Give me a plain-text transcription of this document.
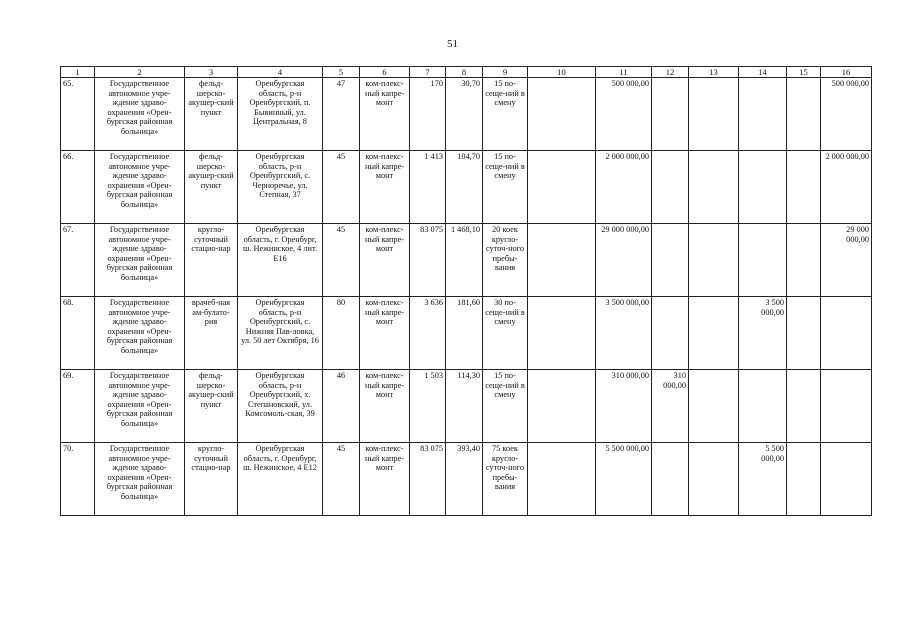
51
1	2	3	4	5	6	7	8	9	10	11	12	13	14	15	16
65.	Государственное автономное учре-ждение здраво-охранения «Орен-бургская районная больница»	фельд-шерско-акушер-ский пункт	Оренбургская область, р-н Оренбургский, п. Бывинный, ул. Центральная, 8	47	ком-плекс-ный капре-монт	170	30,70	15 по-сеще-ний в смену		500 000,00					500 000,00
66.	Государственное автономное учре-ждение здраво-охранения «Орен-бургская районная больница»	фельд-шерско-акушер-ский пункт	Оренбургская область, р-н Оренбургский, с. Черноречье, ул. Степная, 37	45	ком-плекс-ный капре-монт	1 413	104,70	15 по-сеще-ний в смену		2 000 000,00					2 000 000,00
67.	Государственное автономное учре-ждение здраво-охранения «Орен-бургская районная больница»	кругло-суточный стацио-нар	Оренбургская область, г. Оренбург, ш. Нежинское, 4 лит. Е16	45	ком-плекс-ный капре-монт	83 075	1 468,10	20 коек кругло-суточ-ного пребы-вания		29 000 000,00					29 000 000,00
68.	Государственное автономное учре-ждение здраво-охранения «Орен-бургская районная больница»	врачеб-ная ам-булато-рия	Оренбургская область, р-н Оренбургский, с. Нижняя Пав-ловка, ул. 50 лет Октября, 16	80	ком-плекс-ный капре-монт	3 636	181,60	30 по-сеще-ний в смену		3 500 000,00			3 500 000,00		
69.	Государственное автономное учре-ждение здраво-охранения «Орен-бургская районная больница»	фельд-шерско-акушер-ский пункт	Оренбургская область, р-н Оренбургский, х. Степановский, ул. Комсомоль-ская, 39	46	ком-плекс-ный капре-монт	1 503	114,30	15 по-сеще-ний в смену		310 000,00	310 000,00				
70.	Государственное автономное учре-ждение здраво-охранения «Орен-бургская районная больница»	кругло-суточный стацио-нар	Оренбургская область, г. Оренбург, ш. Нежинское, 4 Е12	45	ком-плекс-ный капре-монт	83 075	393,40	75 коек кругло-суточ-ного пребы-вания		5 500 000,00			5 500 000,00		
